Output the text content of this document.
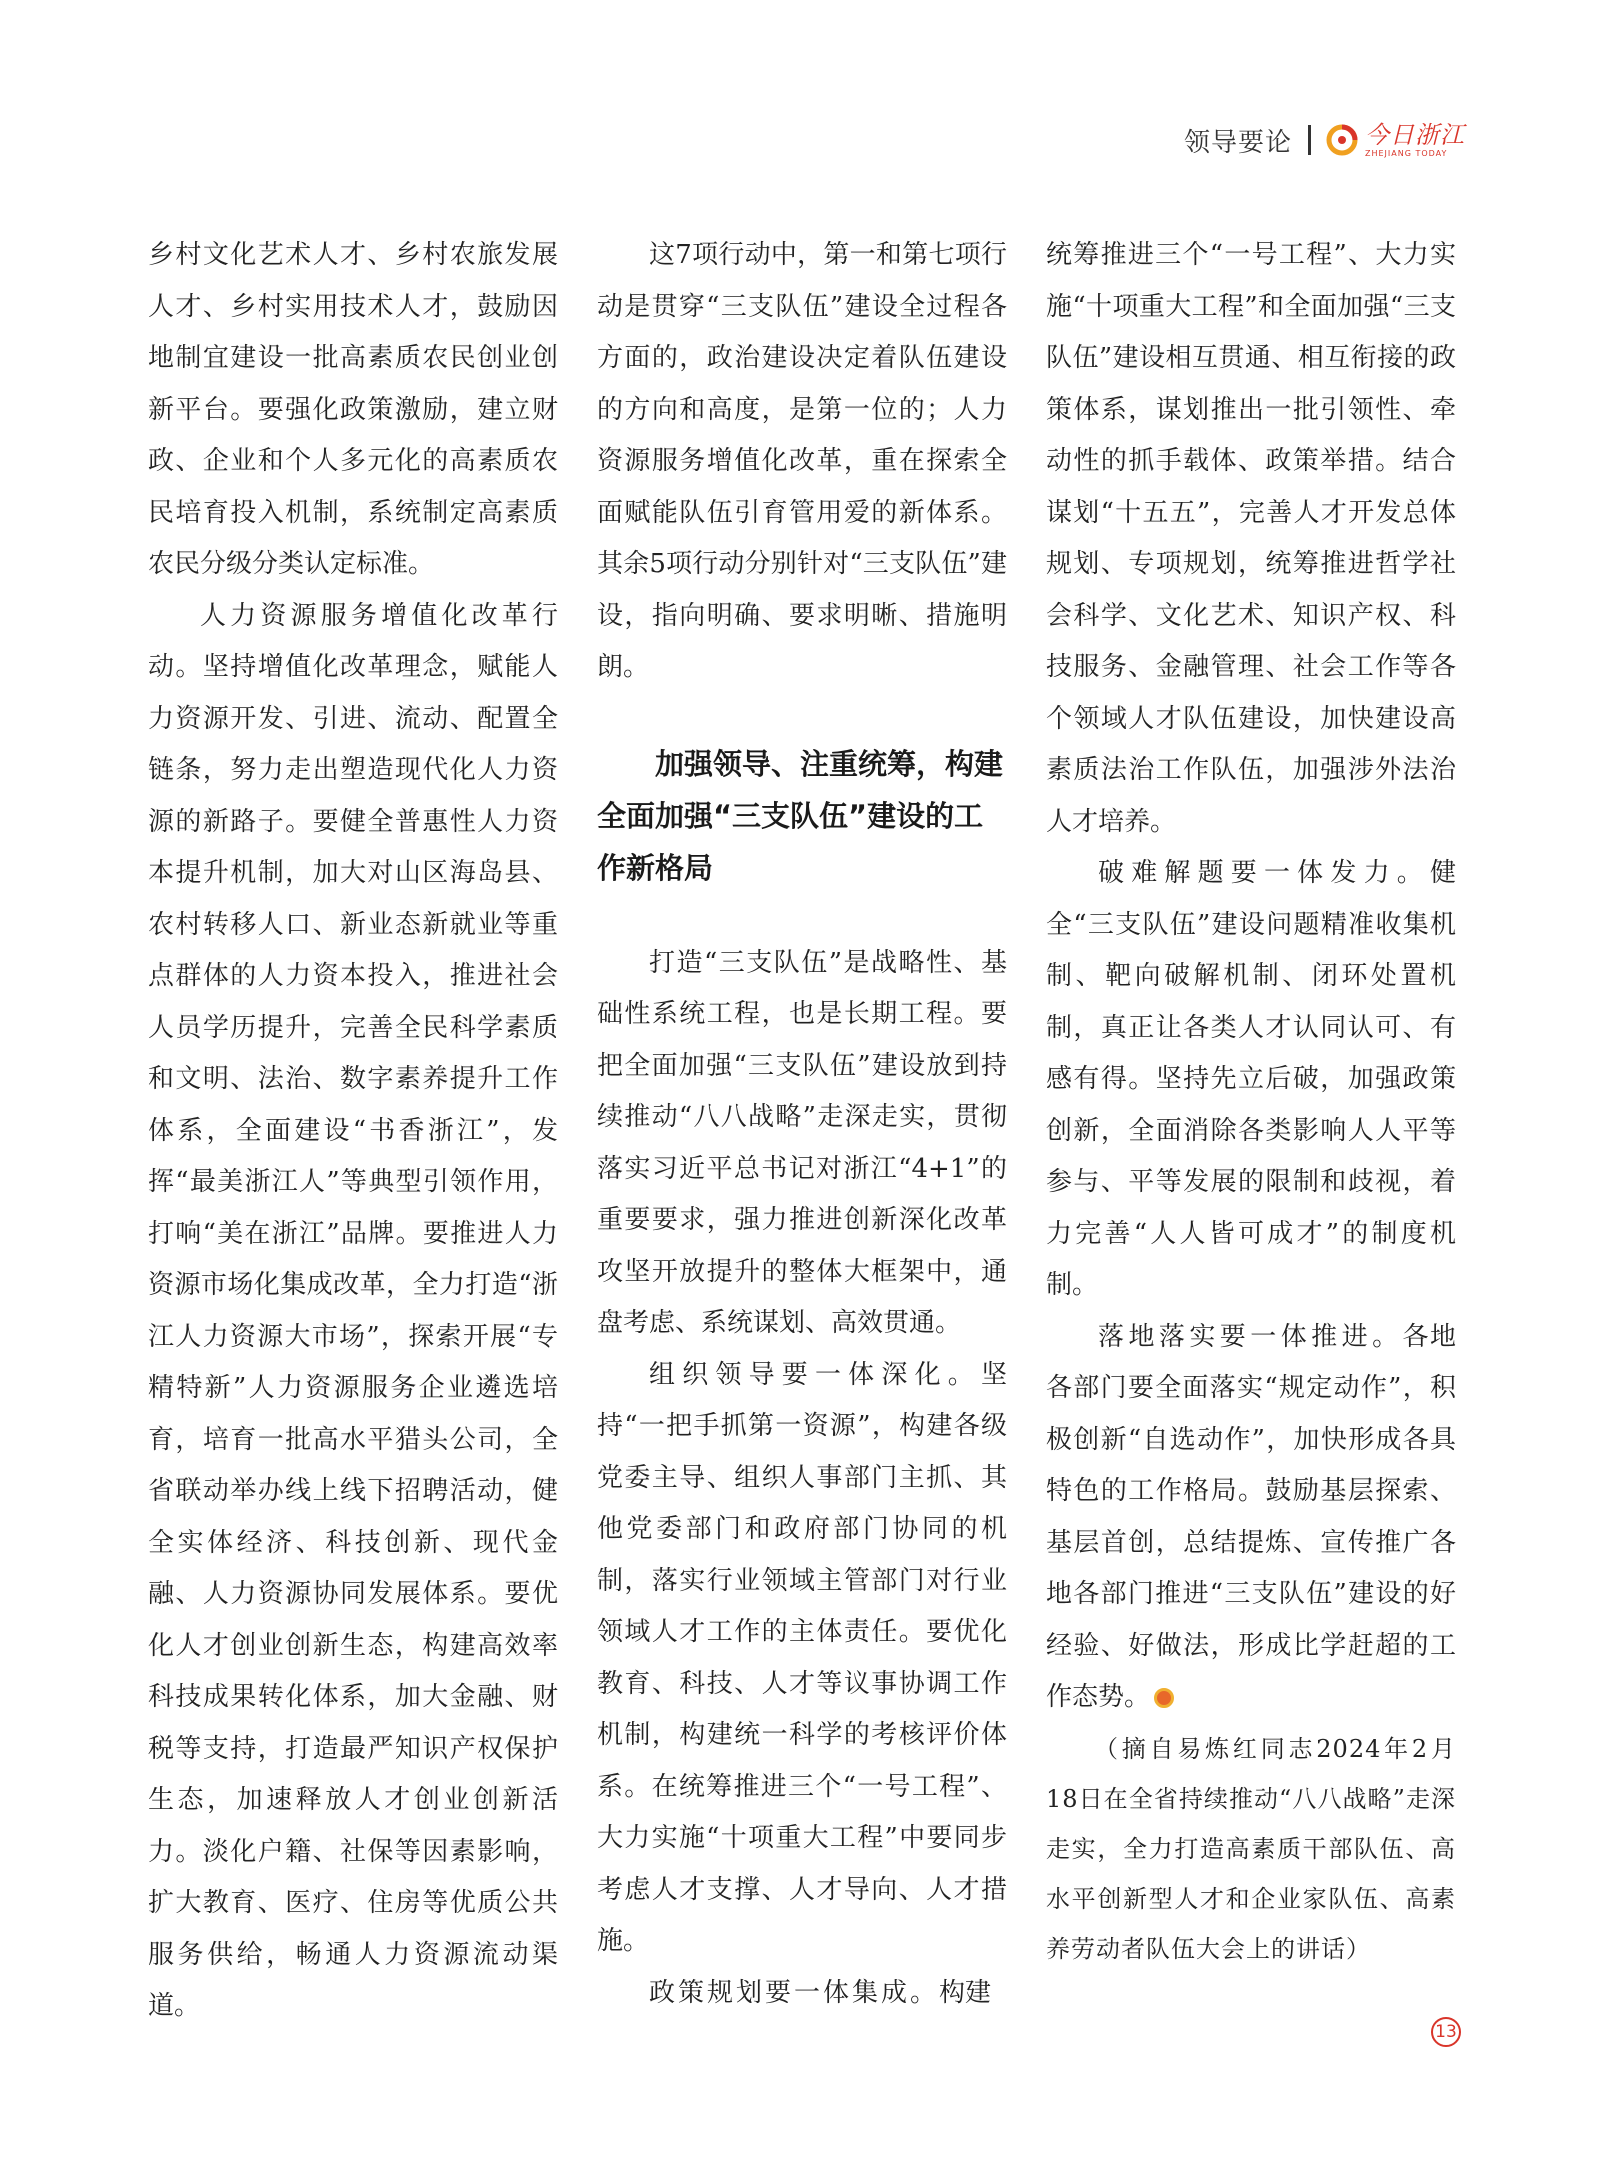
领导要论	今日浙江
ZHEJIANG TODAY

乡村文化艺术人才、乡村农旅发展人才、乡村实用技术人才，鼓励因地制宜建设一批高素质农民创业创新平台。要强化政策激励，建立财政、企业和个人多元化的高素质农民培育投入机制，系统制定高素质农民分级分类认定标准。

人力资源服务增值化改革行动。坚持增值化改革理念，赋能人力资源开发、引进、流动、配置全链条，努力走出塑造现代化人力资源的新路子。要健全普惠性人力资本提升机制，加大对山区海岛县、农村转移人口、新业态新就业等重点群体的人力资本投入，推进社会人员学历提升，完善全民科学素质和文明、法治、数字素养提升工作体系，全面建设“书香浙江”，发挥“最美浙江人”等典型引领作用，打响“美在浙江”品牌。要推进人力资源市场化集成改革，全力打造“浙江人力资源大市场”，探索开展“专精特新”人力资源服务企业遴选培育，培育一批高水平猎头公司，全省联动举办线上线下招聘活动，健全实体经济、科技创新、现代金融、人力资源协同发展体系。要优化人才创业创新生态，构建高效率科技成果转化体系，加大金融、财税等支持，打造最严知识产权保护生态，加速释放人才创业创新活力。淡化户籍、社保等因素影响，扩大教育、医疗、住房等优质公共服务供给，畅通人力资源流动渠道。

这7项行动中，第一和第七项行动是贯穿“三支队伍”建设全过程各方面的，政治建设决定着队伍建设的方向和高度，是第一位的；人力资源服务增值化改革，重在探索全面赋能队伍引育管用爱的新体系。其余5项行动分别针对“三支队伍”建设，指向明确、要求明晰、措施明朗。

加强领导、注重统筹，构建全面加强“三支队伍”建设的工作新格局

打造“三支队伍”是战略性、基础性系统工程，也是长期工程。要把全面加强“三支队伍”建设放到持续推动“八八战略”走深走实，贯彻落实习近平总书记对浙江“4+1”的重要要求，强力推进创新深化改革攻坚开放提升的整体大框架中，通盘考虑、系统谋划、高效贯通。

组织领导要一体深化。坚持“一把手抓第一资源”，构建各级党委主导、组织人事部门主抓、其他党委部门和政府部门协同的机制，落实行业领域主管部门对行业领域人才工作的主体责任。要优化教育、科技、人才等议事协调工作机制，构建统一科学的考核评价体系。在统筹推进三个“一号工程”、大力实施“十项重大工程”中要同步考虑人才支撑、人才导向、人才措施。

政策规划要一体集成。构建

统筹推进三个“一号工程”、大力实施“十项重大工程”和全面加强“三支队伍”建设相互贯通、相互衔接的政策体系，谋划推出一批引领性、牵动性的抓手载体、政策举措。结合谋划“十五五”，完善人才开发总体规划、专项规划，统筹推进哲学社会科学、文化艺术、知识产权、科技服务、金融管理、社会工作等各个领域人才队伍建设，加快建设高素质法治工作队伍，加强涉外法治人才培养。

破难解题要一体发力。健全“三支队伍”建设问题精准收集机制、靶向破解机制、闭环处置机制，真正让各类人才认同认可、有感有得。坚持先立后破，加强政策创新，全面消除各类影响人人平等参与、平等发展的限制和歧视，着力完善“人人皆可成才”的制度机制。

落地落实要一体推进。各地各部门要全面落实“规定动作”，积极创新“自选动作”，加快形成各具特色的工作格局。鼓励基层探索、基层首创，总结提炼、宣传推广各地各部门推进“三支队伍”建设的好经验、好做法，形成比学赶超的工作态势。

（摘自易炼红同志2024年2月18日在全省持续推动“八八战略”走深走实，全力打造高素质干部队伍、高水平创新型人才和企业家队伍、高素养劳动者队伍大会上的讲话）

13
